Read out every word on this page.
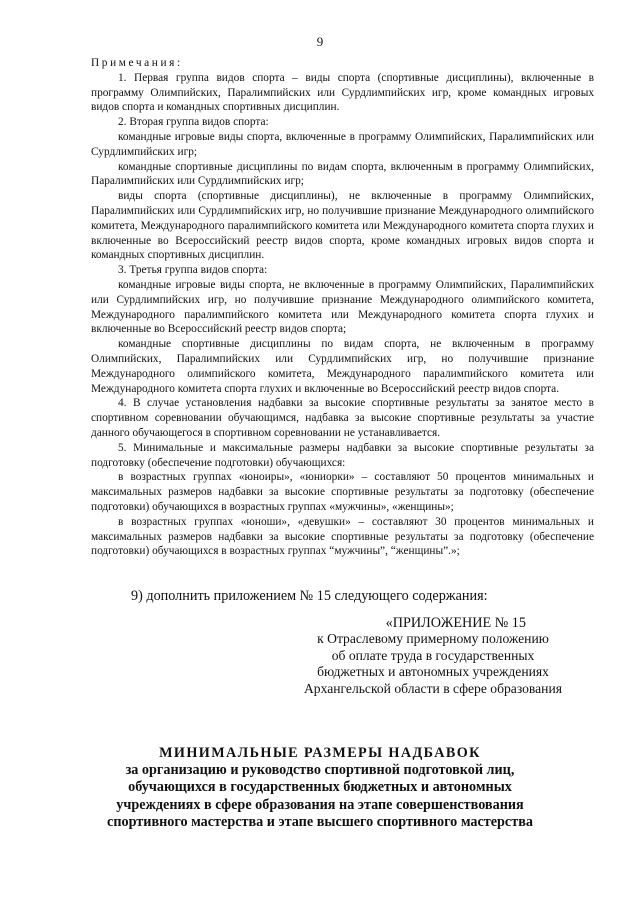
9

Примечания:

1. Первая группа видов спорта – виды спорта (спортивные дисциплины), включенные в программу Олимпийских, Паралимпийских или Сурдлимпийских игр, кроме командных игровых видов спорта и командных спортивных дисциплин.

2. Вторая группа видов спорта:

командные игровые виды спорта, включенные в программу Олимпийских, Паралимпийских или Сурдлимпийских игр;

командные спортивные дисциплины по видам спорта, включенным в программу Олимпийских, Паралимпийских или Сурдлимпийских игр;

виды спорта (спортивные дисциплины), не включенные в программу Олимпийских, Паралимпийских или Сурдлимпийских игр, но получившие признание Международного олимпийского комитета, Международного паралимпийского комитета или Международного комитета спорта глухих и включенные во Всероссийский реестр видов спорта, кроме командных игровых видов спорта и командных спортивных дисциплин.

3. Третья группа видов спорта:

командные игровые виды спорта, не включенные в программу Олимпийских, Паралимпийских или Сурдлимпийских игр, но получившие признание Международного олимпийского комитета, Международного паралимпийского комитета или Международного комитета спорта глухих и включенные во Всероссийский реестр видов спорта;

командные спортивные дисциплины по видам спорта, не включенным в программу Олимпийских, Паралимпийских или Сурдлимпийских игр, но получившие признание Международного олимпийского комитета, Международного паралимпийского комитета или Международного комитета спорта глухих и включенные во Всероссийский реестр видов спорта.

4. В случае установления надбавки за высокие спортивные результаты за занятое место в спортивном соревновании обучающимся, надбавка за высокие спортивные результаты за участие данного обучающегося в спортивном соревновании не устанавливается.

5. Минимальные и максимальные размеры надбавки за высокие спортивные результаты за подготовку (обеспечение подготовки) обучающихся:

в возрастных группах «юноиры», «юниорки» – составляют 50 процентов минимальных и максимальных размеров надбавки за высокие спортивные результаты за подготовку (обеспечение подготовки) обучающихся в возрастных группах «мужчины», «женщины»;

в возрастных группах «юноши», «девушки» – составляют 30 процентов минимальных и максимальных размеров надбавки за высокие спортивные результаты за подготовку (обеспечение подготовки) обучающихся в возрастных группах “мужчины”, “женщины”.»;

9) дополнить приложением № 15 следующего содержания:
«ПРИЛОЖЕНИЕ № 15
к Отраслевому примерному положению
об оплате труда в государственных
бюджетных и автономных учреждениях
Архангельской области в сфере образования
МИНИМАЛЬНЫЕ РАЗМЕРЫ НАДБАВОК
за организацию и руководство спортивной подготовкой лиц,
обучающихся в государственных бюджетных и автономных
учреждениях в сфере образования на этапе совершенствования
спортивного мастерства и этапе высшего спортивного мастерства
